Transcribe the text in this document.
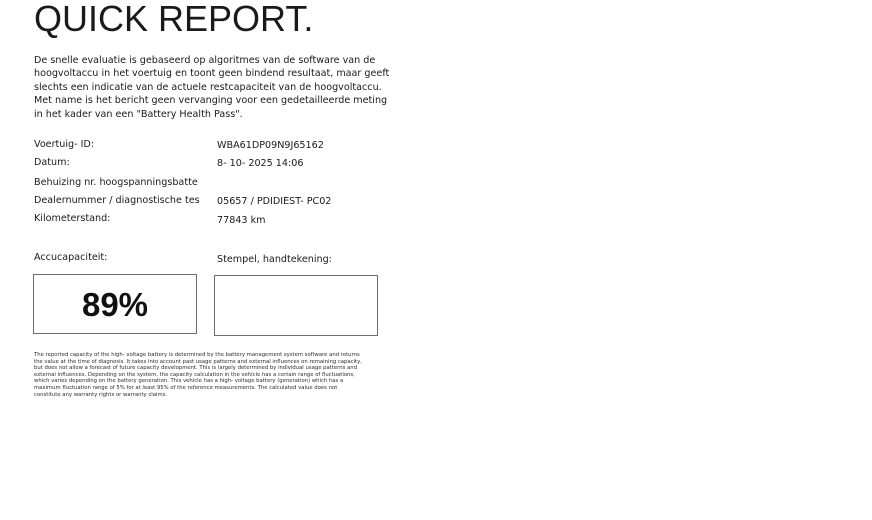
QUICK REPORT.
De snelle evaluatie is gebaseerd op algoritmes van de software van de
hoogvoltaccu in het voertuig en toont geen bindend resultaat, maar geeft
slechts een indicatie van de actuele restcapaciteit van de hoogvoltaccu.
Met name is het bericht geen vervanging voor een gedetailleerde meting
in het kader van een "Battery Health Pass".
Voertuig- ID:	WBA61DP09N9J65162
Datum:	8- 10- 2025 14:06
Behuizing nr. hoogspanningsbatte
Dealernummer / diagnostische tes	05657 / PDIDIEST- PC02
Kilometerstand:	77843 km
Accucapaciteit:	Stempel, handtekening:
89%
The reported capacity of the high- voltage battery is determined by the battery management system software and returns
the value at the time of diagnosis. It takes into account past usage patterns and external influences on remaining capacity,
but does not allow a forecast of future capacity development. This is largely determined by individual usage patterns and
external influences. Depending on the system, the capacity calculation in the vehicle has a certain range of fluctuations,
which varies depending on the battery generation. This vehicle has a high- voltage battery (generation) which has a
maximum fluctuation range of 5% for at least 95% of the reference measurements. The calculated value does not
constitute any warranty rights or warranty claims.
